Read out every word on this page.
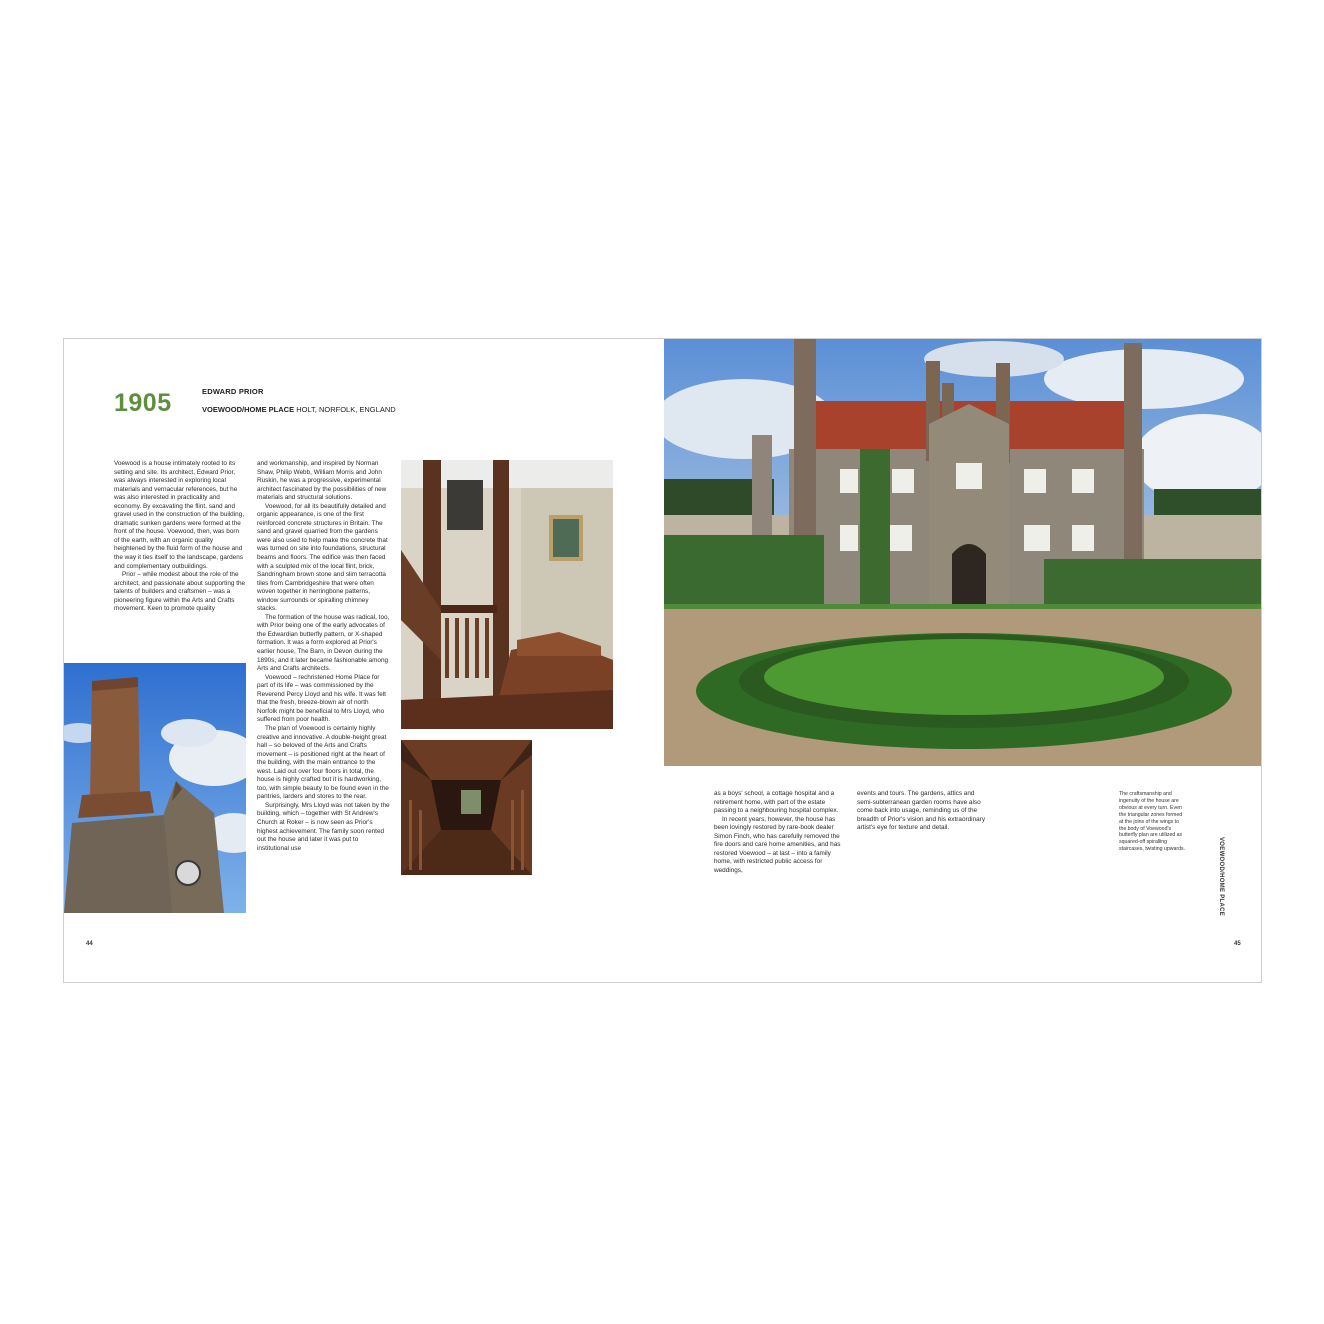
1905	EDWARD PRIOR
VOEWOOD/HOME PLACE HOLT, NORFOLK, ENGLAND

Voewood is a house intimately rooted to its setting and site. Its architect, Edward Prior, was always interested in exploring local materials and vernacular references, but he was also interested in practicality and economy. By excavating the flint, sand and gravel used in the construction of the building, dramatic sunken gardens were formed at the front of the house. Voewood, then, was born of the earth, with an organic quality heightened by the fluid form of the house and the way it ties itself to the landscape, gardens and complementary outbuildings.

Prior – while modest about the role of the architect, and passionate about supporting the talents of builders and craftsmen – was a pioneering figure within the Arts and Crafts movement. Keen to promote quality

and workmanship, and inspired by Norman Shaw, Philip Webb, William Morris and John Ruskin, he was a progressive, experimental architect fascinated by the possibilities of new materials and structural solutions.

Voewood, for all its beautifully detailed and organic appearance, is one of the first reinforced concrete structures in Britain. The sand and gravel quarried from the gardens were also used to help make the concrete that was turned on site into foundations, structural beams and floors. The edifice was then faced with a sculpted mix of the local flint, brick, Sandringham brown stone and slim terracotta tiles from Cambridgeshire that were often woven together in herringbone patterns, window surrounds or spiralling chimney stacks.

The formation of the house was radical, too, with Prior being one of the early advocates of the Edwardian butterfly pattern, or X-shaped formation. It was a form explored at Prior's earlier house, The Barn, in Devon during the 1890s, and it later became fashionable among Arts and Crafts architects.

Voewood – rechristened Home Place for part of its life – was commissioned by the Reverend Percy Lloyd and his wife. It was felt that the fresh, breeze-blown air of north Norfolk might be beneficial to Mrs Lloyd, who suffered from poor health.

The plan of Voewood is certainly highly creative and innovative. A double-height great hall – so beloved of the Arts and Crafts movement – is positioned right at the heart of the building, with the main entrance to the west. Laid out over four floors in total, the house is highly crafted but it is hardworking, too, with simple beauty to be found even in the pantries, larders and stores to the rear.

Surprisingly, Mrs Lloyd was not taken by the building, which – together with St Andrew's Church at Roker – is now seen as Prior's highest achievement. The family soon rented out the house and later it was put to institutional use

as a boys' school, a cottage hospital and a retirement home, with part of the estate passing to a neighbouring hospital complex.

In recent years, however, the house has been lovingly restored by rare-book dealer Simon Finch, who has carefully removed the fire doors and care home amenities, and has restored Voewood – at last – into a family home, with restricted public access for weddings,

events and tours. The gardens, attics and semi-subterranean garden rooms have also come back into usage, reminding us of the breadth of Prior's vision and his extraordinary artist's eye for texture and detail.

The craftsmanship and ingenuity of the house are obvious at every turn. Even the triangular zones formed at the joins of the wings to the body of Voewood's butterfly plan are utilized as squared-off spiralling staircases, twisting upwards.	VOEWOOD/HOME PLACE
44	45
